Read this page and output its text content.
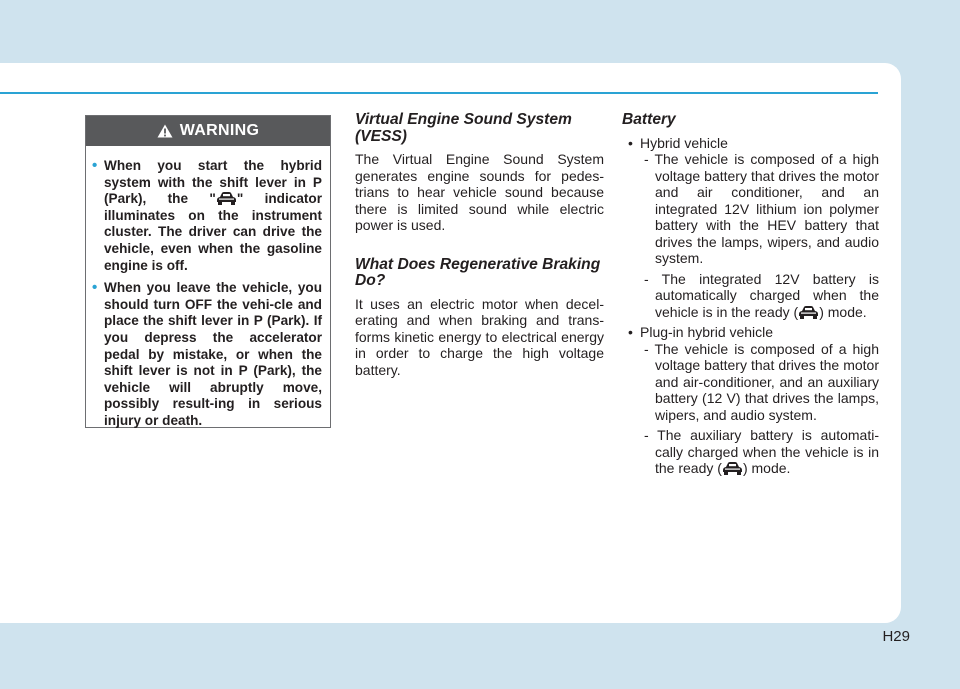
WARNING
• When you start the hybrid system with the shift lever in P (Park), the " " indicator illuminates on the instrument cluster. The driver can drive the vehicle, even when the gasoline engine is off.
• When you leave the vehicle, you should turn OFF the vehi-cle and place the shift lever in P (Park). If you depress the accelerator pedal by mistake, or when the shift lever is not in P (Park), the vehicle will abruptly move, possibly result-ing in serious injury or death.
Virtual Engine Sound System (VESS)

The Virtual Engine Sound System generates engine sounds for pedes-trians to hear vehicle sound because there is limited sound while electric power is used.

What Does Regenerative Braking Do?

It uses an electric motor when decel-erating and when braking and trans-forms kinetic energy to electrical energy in order to charge the high voltage battery.

Battery
• Hybrid vehicle
- The vehicle is composed of a high voltage battery that drives the motor and air conditioner, and an integrated 12V lithium ion polymer battery with the HEV battery that drives the lamps, wipers, and audio system.
- The integrated 12V battery is automatically charged when the vehicle is in the ready ( ) mode.
• Plug-in hybrid vehicle
- The vehicle is composed of a high voltage battery that drives the motor and air-conditioner, and an auxiliary battery (12 V) that drives the lamps, wipers, and audio system.
- The auxiliary battery is automati-cally charged when the vehicle is in the ready ( ) mode.
H29
